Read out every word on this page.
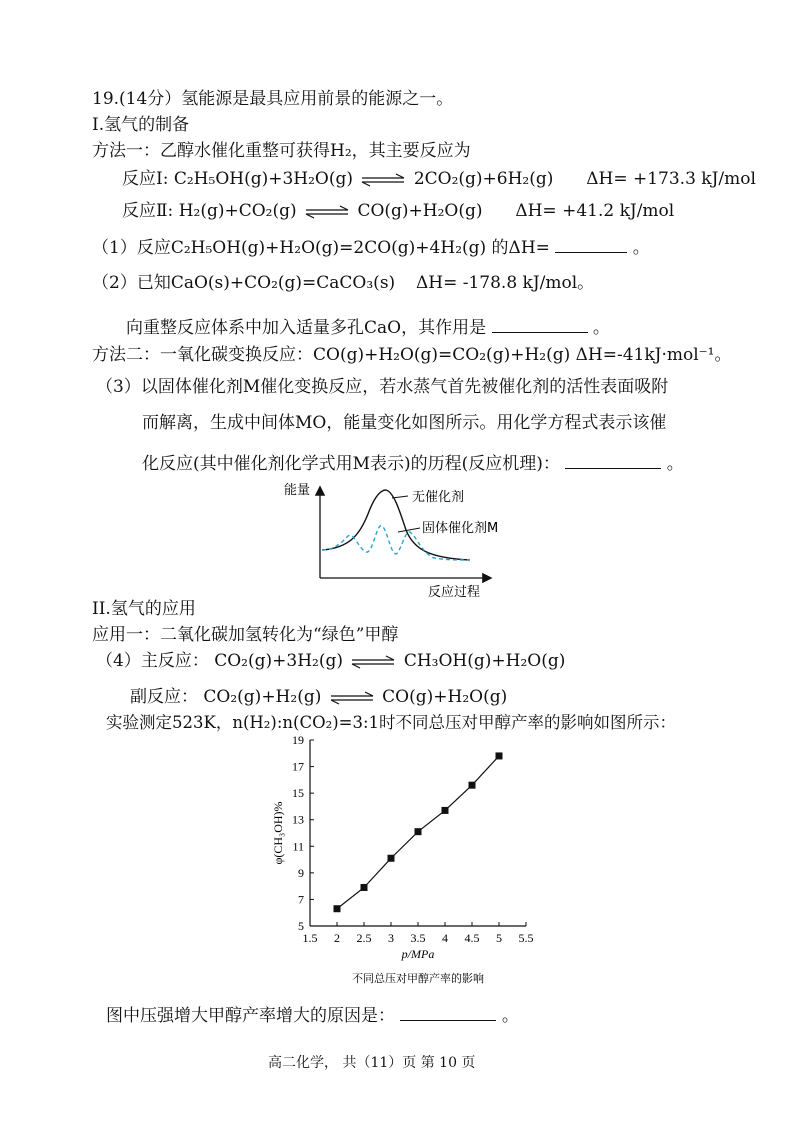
19.(14分）氢能源是最具应用前景的能源之一。
I.氢气的制备
方法一：乙醇水催化重整可获得H₂，其主要反应为
反应Ⅰ: C₂H₅OH(g)+3H₂O(g) ⇌ 2CO₂(g)+6H₂(g) ΔH= +173.3 kJ/mol
反应Ⅱ: H₂(g)+CO₂(g) ⇌ CO(g)+H₂O(g) ΔH= +41.2 kJ/mol
（1）反应C₂H₅OH(g)+H₂O(g)=2CO(g)+4H₂(g) 的ΔH=	。
（2）已知CaO(s)+CO₂(g)=CaCO₃(s) ΔH= -178.8 kJ/mol。
向重整反应体系中加入适量多孔CaO，其作用是	。
方法二：一氧化碳变换反应：CO(g)+H₂O(g)=CO₂(g)+H₂(g) ΔH=-41kJ·mol⁻¹。
（3）以固体催化剂M催化变换反应，若水蒸气首先被催化剂的活性表面吸附
而解离，生成中间体MO，能量变化如图所示。用化学方程式表示该催
化反应(其中催化剂化学式用M表示)的历程(反应机理)：	。
能量
反应过程
无催化剂
固体催化剂M
II.氢气的应用
应用一：二氧化碳加氢转化为“绿色”甲醇
（4）主反应： CO₂(g)+3H₂(g) ⇌ CH₃OH(g)+H₂O(g)
副反应： CO₂(g)+H₂(g) ⇌ CO(g)+H₂O(g)
实验测定523K，n(H₂):n(CO₂)=3:1时不同总压对甲醇产率的影响如图所示：
1.5 2 2.5 3 3.5 4 4.5 5 5.5
5
7
9
11
13
15
17
19
p/MPa
φ(CH₃OH)%
不同总压对甲醇产率的影响
图中压强增大甲醇产率增大的原因是：	。
高二化学， 共（11）页 第 10 页
